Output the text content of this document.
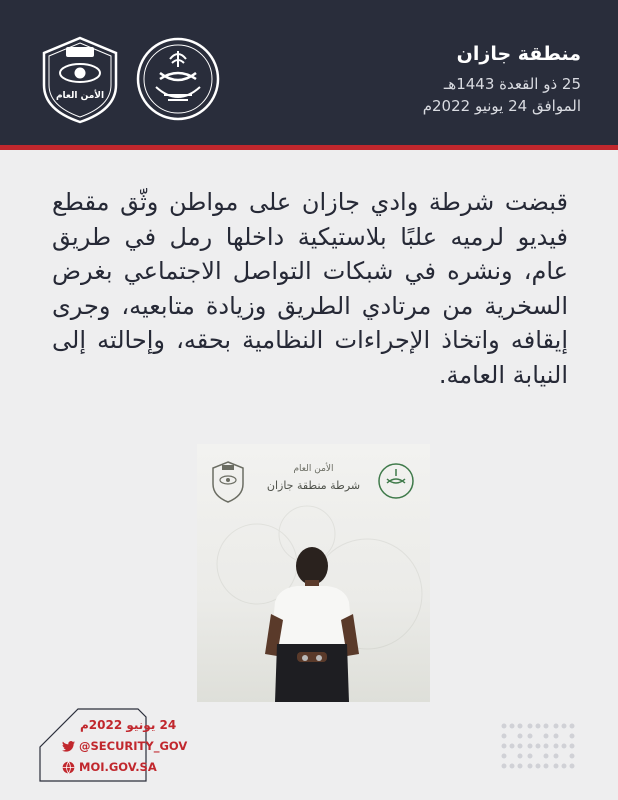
الأمن العام

منطقة جازان

25 ذو القعدة 1443هـ

الموافق 24 يونيو 2022م

قبضت شرطة وادي جازان على مواطن وثّق مقطع فيديو لرميه علبًا بلاستيكية داخلها رمل في طريق عام، ونشره في شبكات التواصل الاجتماعي بغرض السخرية من مرتادي الطريق وزيادة متابعيه، وجرى إيقافه واتخاذ الإجراءات النظامية بحقه، وإحالته إلى النيابة العامة.

الأمن العام
شرطة منطقة جازان

24 يونيو 2022م

@SECURITY_GOV
MOI.GOV.SA
